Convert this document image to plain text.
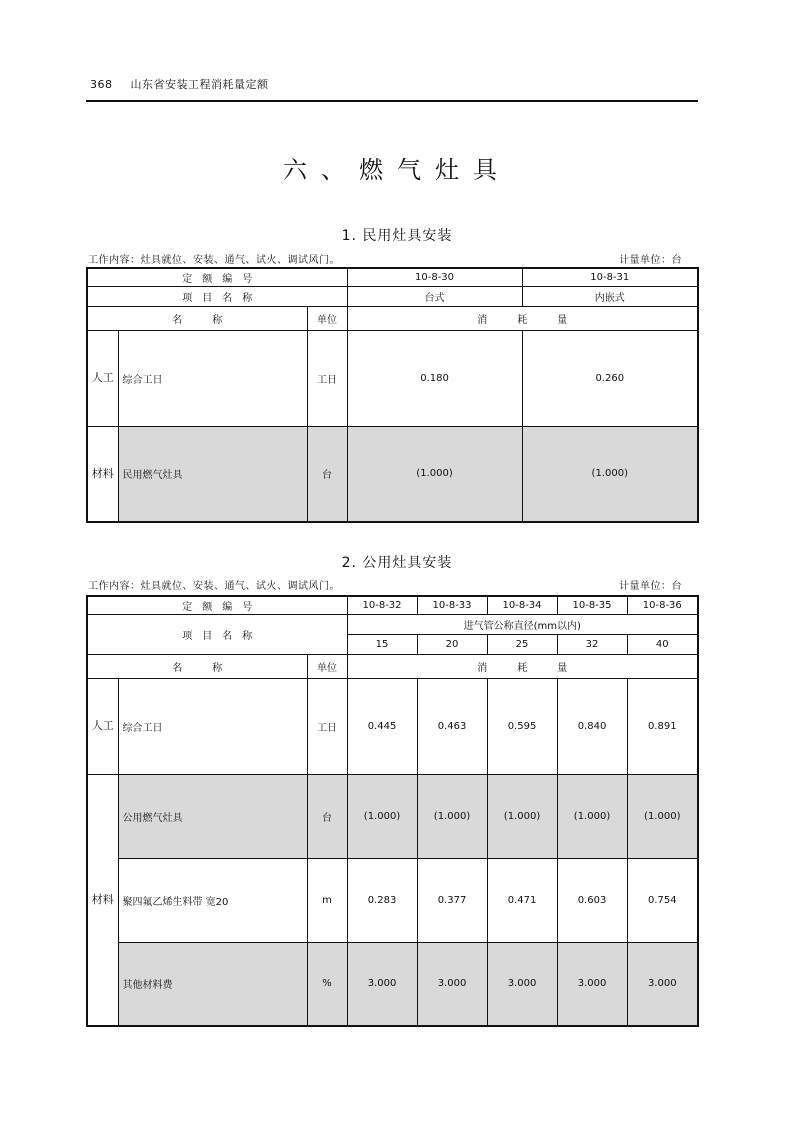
368 山东省安装工程消耗量定额
六、燃气灶具
1. 民用灶具安装
工作内容：灶具就位、安装、通气、试火、调试风门。	计量单位：台
定　额　编　号			10-8-30	10-8-31
项　目　名　称			台式	内嵌式
名　　　称		单位	消　　　耗　　　量	
人工	综合工日	工日	0.180	0.260
材料	民用燃气灶具	台	(1.000)	(1.000)
2. 公用灶具安装
工作内容：灶具就位、安装、通气、试火、调试风门。	计量单位：台
定　额　编　号			10-8-32	10-8-33	10-8-34	10-8-35	10-8-36
项　目　名　称			进气管公称直径(mm以内)				
			15	20	25	32	40
名　　　称		单位	消　　　耗　　　量				
人工	综合工日	工日	0.445	0.463	0.595	0.840	0.891
材料	公用燃气灶具	台	(1.000)	(1.000)	(1.000)	(1.000)	(1.000)
	聚四氟乙烯生料带 宽20	m	0.283	0.377	0.471	0.603	0.754
	其他材料费	%	3.000	3.000	3.000	3.000	3.000
